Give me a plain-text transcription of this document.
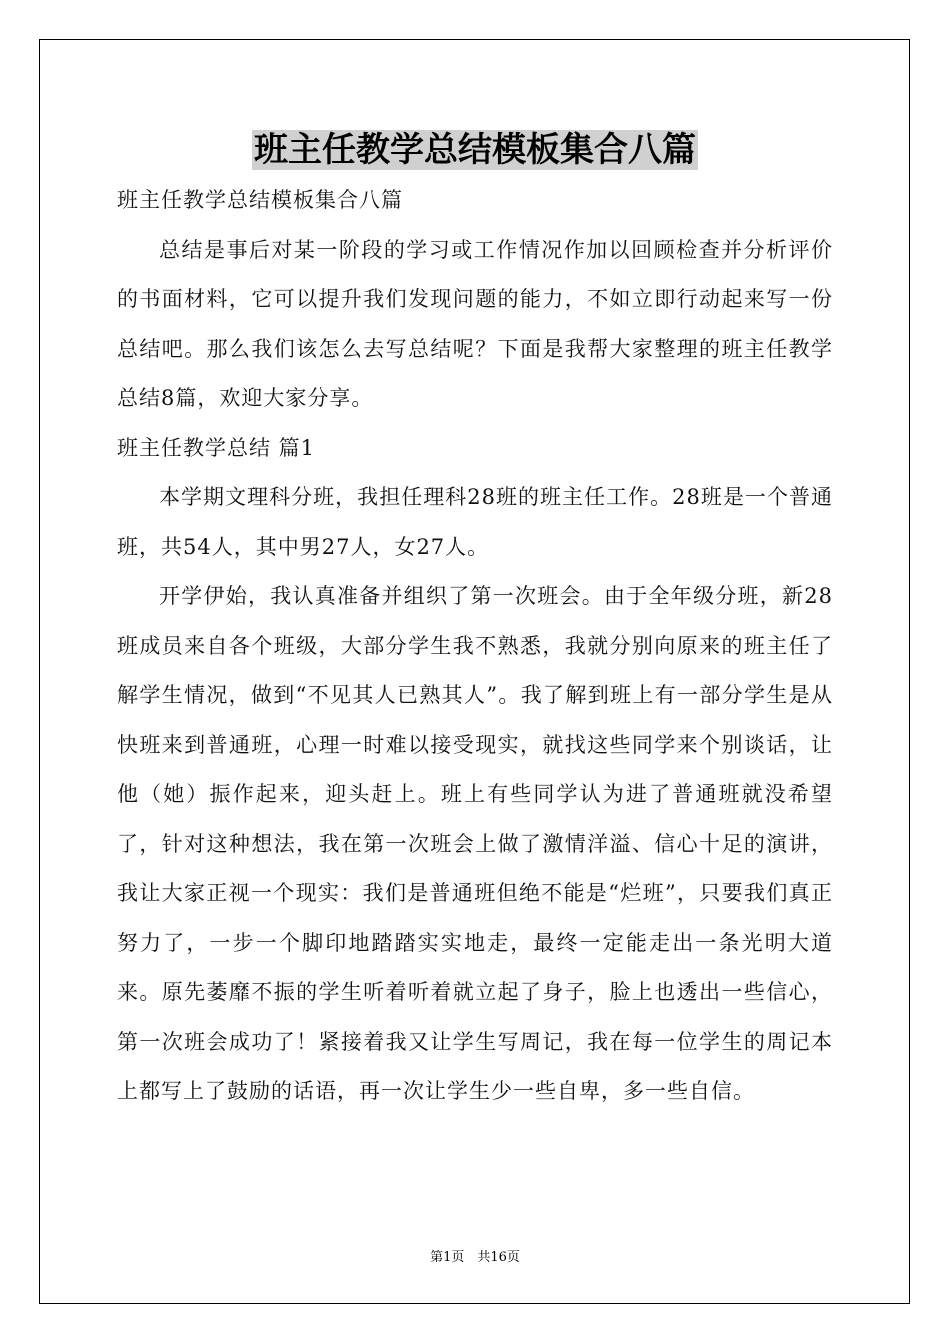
班主任教学总结模板集合八篇

班主任教学总结模板集合八篇

总结是事后对某一阶段的学习或工作情况作加以回顾检查并分析评价的书面材料，它可以提升我们发现问题的能力，不如立即行动起来写一份总结吧。那么我们该怎么去写总结呢？下面是我帮大家整理的班主任教学总结8篇，欢迎大家分享。

班主任教学总结 篇1

本学期文理科分班，我担任理科28班的班主任工作。28班是一个普通班，共54人，其中男27人，女27人。

开学伊始，我认真准备并组织了第一次班会。由于全年级分班，新28班成员来自各个班级，大部分学生我不熟悉，我就分别向原来的班主任了解学生情况，做到“不见其人已熟其人”。我了解到班上有一部分学生是从快班来到普通班，心理一时难以接受现实，就找这些同学来个别谈话，让他（她）振作起来，迎头赶上。班上有些同学认为进了普通班就没希望了，针对这种想法，我在第一次班会上做了激情洋溢、信心十足的演讲，我让大家正视一个现实：我们是普通班但绝不能是“烂班”，只要我们真正努力了，一步一个脚印地踏踏实实地走，最终一定能走出一条光明大道来。原先萎靡不振的学生听着听着就立起了身子，脸上也透出一些信心，第一次班会成功了！紧接着我又让学生写周记，我在每一位学生的周记本上都写上了鼓励的话语，再一次让学生少一些自卑，多一些自信。

第1页　共16页
